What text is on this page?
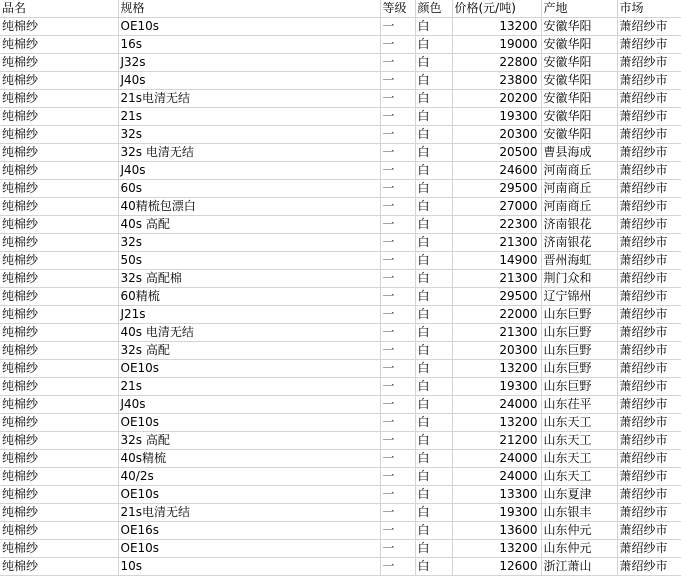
品名	规格	等级	颜色	价格(元/吨)	产地	市场
纯棉纱	OE10s	一	白	13200	安徽华阳	萧绍纱市
纯棉纱	16s	一	白	19000	安徽华阳	萧绍纱市
纯棉纱	J32s	一	白	22800	安徽华阳	萧绍纱市
纯棉纱	J40s	一	白	23800	安徽华阳	萧绍纱市
纯棉纱	21s电清无结	一	白	20200	安徽华阳	萧绍纱市
纯棉纱	21s	一	白	19300	安徽华阳	萧绍纱市
纯棉纱	32s	一	白	20300	安徽华阳	萧绍纱市
纯棉纱	32s 电清无结	一	白	20500	曹县海成	萧绍纱市
纯棉纱	J40s	一	白	24600	河南商丘	萧绍纱市
纯棉纱	60s	一	白	29500	河南商丘	萧绍纱市
纯棉纱	40精梳包漂白	一	白	27000	河南商丘	萧绍纱市
纯棉纱	40s 高配	一	白	22300	济南银花	萧绍纱市
纯棉纱	32s	一	白	21300	济南银花	萧绍纱市
纯棉纱	50s	一	白	14900	晋州海虹	萧绍纱市
纯棉纱	32s 高配棉	一	白	21300	荆门众和	萧绍纱市
纯棉纱	60精梳	一	白	29500	辽宁锦州	萧绍纱市
纯棉纱	J21s	一	白	22000	山东巨野	萧绍纱市
纯棉纱	40s 电清无结	一	白	21300	山东巨野	萧绍纱市
纯棉纱	32s 高配	一	白	20300	山东巨野	萧绍纱市
纯棉纱	OE10s	一	白	13200	山东巨野	萧绍纱市
纯棉纱	21s	一	白	19300	山东巨野	萧绍纱市
纯棉纱	J40s	一	白	24000	山东茌平	萧绍纱市
纯棉纱	OE10s	一	白	13200	山东天工	萧绍纱市
纯棉纱	32s 高配	一	白	21200	山东天工	萧绍纱市
纯棉纱	40s精梳	一	白	24000	山东天工	萧绍纱市
纯棉纱	40/2s	一	白	24000	山东天工	萧绍纱市
纯棉纱	OE10s	一	白	13300	山东夏津	萧绍纱市
纯棉纱	21s电清无结	一	白	19300	山东银丰	萧绍纱市
纯棉纱	OE16s	一	白	13600	山东仲元	萧绍纱市
纯棉纱	OE10s	一	白	13200	山东仲元	萧绍纱市
纯棉纱	10s	一	白	12600	浙江萧山	萧绍纱市
